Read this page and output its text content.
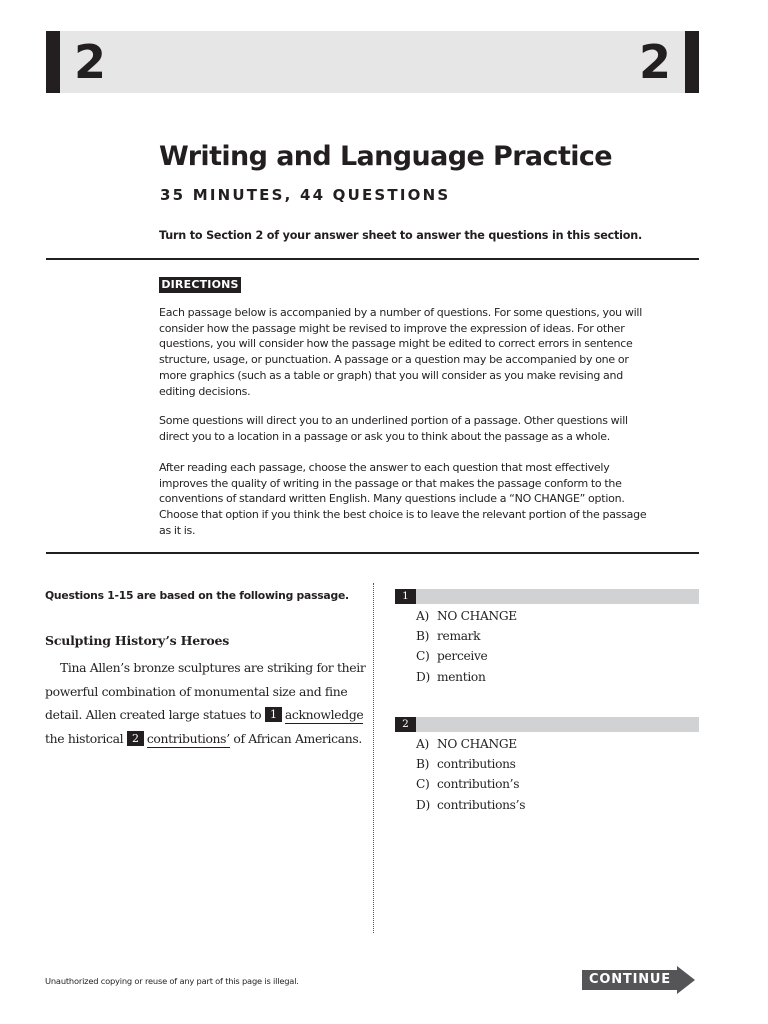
2	2
Writing and Language Practice
35 MINUTES, 44 QUESTIONS
Turn to Section 2 of your answer sheet to answer the questions in this section.
DIRECTIONS

Each passage below is accompanied by a number of questions. For some questions, you will consider how the passage might be revised to improve the expression of ideas. For other questions, you will consider how the passage might be edited to correct errors in sentence structure, usage, or punctuation. A passage or a question may be accompanied by one or more graphics (such as a table or graph) that you will consider as you make revising and editing decisions.

Some questions will direct you to an underlined portion of a passage. Other questions will direct you to a location in a passage or ask you to think about the passage as a whole.

After reading each passage, choose the answer to each question that most effectively improves the quality of writing in the passage or that makes the passage conform to the conventions of standard written English. Many questions include a “NO CHANGE” option. Choose that option if you think the best choice is to leave the relevant portion of the passage as it is.

Questions 1-15 are based on the following passage.
Sculpting History’s Heroes
Tina Allen’s bronze sculptures are striking for their
powerful combination of monumental size and fine
detail. Allen created large statues to 1 acknowledge
the historical 2 contributions’ of African Americans.
1
A) NO CHANGE
B) remark
C) perceive
D) mention
2
A) NO CHANGE
B) contributions
C) contribution’s
D) contributions’s
Unauthorized copying or reuse of any part of this page is illegal.	CONTINUE
